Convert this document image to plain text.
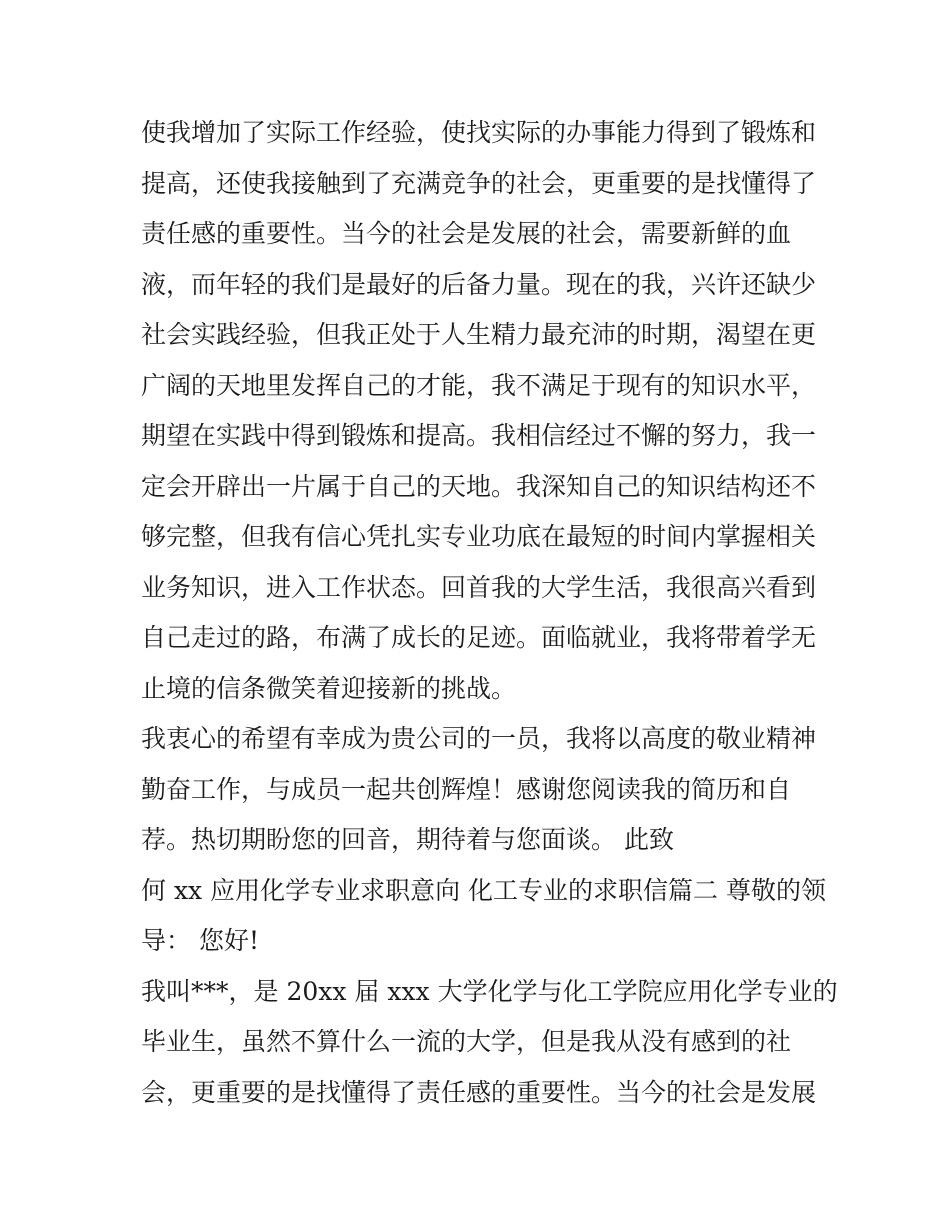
使我增加了实际工作经验，使找实际的办事能力得到了锻炼和
提高，还使我接触到了充满竞争的社会，更重要的是找懂得了
责任感的重要性。当今的社会是发展的社会，需要新鲜的血
液，而年轻的我们是最好的后备力量。现在的我，兴许还缺少
社会实践经验，但我正处于人生精力最充沛的时期，渴望在更
广阔的天地里发挥自己的才能，我不满足于现有的知识水平，
期望在实践中得到锻炼和提高。我相信经过不懈的努力，我一
定会开辟出一片属于自己的天地。我深知自己的知识结构还不
够完整，但我有信心凭扎实专业功底在最短的时间内掌握相关
业务知识，进入工作状态。回首我的大学生活，我很高兴看到
自己走过的路，布满了成长的足迹。面临就业，我将带着学无
止境的信条微笑着迎接新的挑战。
我衷心的希望有幸成为贵公司的一员，我将以高度的敬业精神
勤奋工作，与成员一起共创辉煌！感谢您阅读我的简历和自
荐。热切期盼您的回音，期待着与您面谈。 此致
何 xx 应用化学专业求职意向 化工专业的求职信篇二 尊敬的领
导： 您好!
我叫***，是 20xx 届 xxx 大学化学与化工学院应用化学专业的
毕业生，虽然不算什么一流的大学，但是我从没有感到的社
会，更重要的是找懂得了责任感的重要性。当今的社会是发展
